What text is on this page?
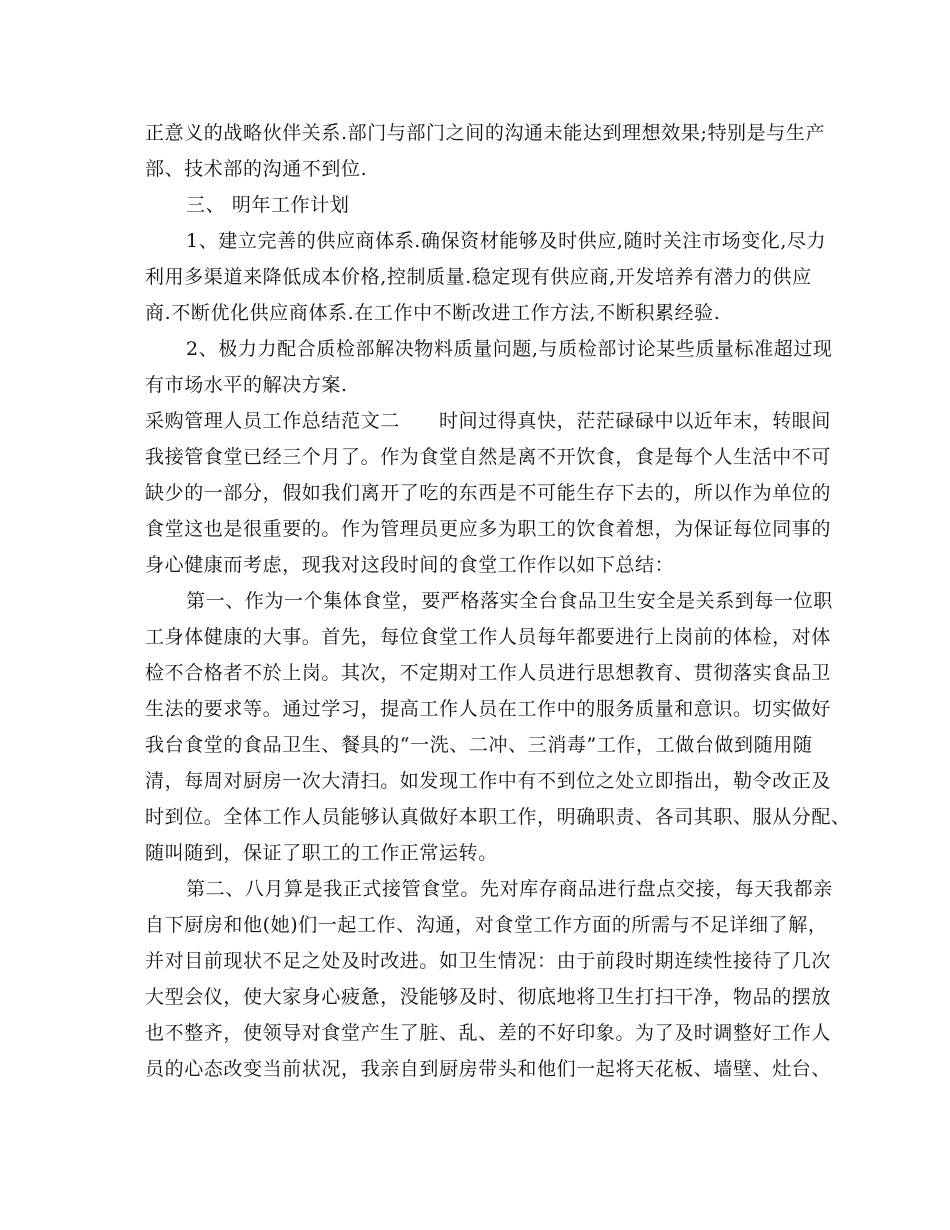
正意义的战略伙伴关系.部门与部门之间的沟通未能达到理想效果;特别是与生产
部、技术部的沟通不到位.
三、 明年工作计划
1、建立完善的供应商体系.确保资材能够及时供应,随时关注市场变化,尽力
利用多渠道来降低成本价格,控制质量.稳定现有供应商,开发培养有潜力的供应
商.不断优化供应商体系.在工作中不断改进工作方法,不断积累经验.
2、极力力配合质检部解决物料质量问题,与质检部讨论某些质量标准超过现
有市场水平的解决方案.
采购管理人员工作总结范文二　　时间过得真快，茫茫碌碌中以近年末，转眼间
我接管食堂已经三个月了。作为食堂自然是离不开饮食，食是每个人生活中不可
缺少的一部分，假如我们离开了吃的东西是不可能生存下去的，所以作为单位的
食堂这也是很重要的。作为管理员更应多为职工的饮食着想，为保证每位同事的
身心健康而考虑，现我对这段时间的食堂工作作以如下总结：
第一、作为一个集体食堂，要严格落实全台食品卫生安全是关系到每一位职
工身体健康的大事。首先，每位食堂工作人员每年都要进行上岗前的体检，对体
检不合格者不於上岗。其次，不定期对工作人员进行思想教育、贯彻落实食品卫
生法的要求等。通过学习，提高工作人员在工作中的服务质量和意识。切实做好
我台食堂的食品卫生、餐具的“一洗、二冲、三消毒”工作，工做台做到随用随
清，每周对厨房一次大清扫。如发现工作中有不到位之处立即指出，勒令改正及
时到位。全体工作人员能够认真做好本职工作，明确职责、各司其职、服从分配、
随叫随到，保证了职工的工作正常运转。
第二、八月算是我正式接管食堂。先对库存商品进行盘点交接，每天我都亲
自下厨房和他(她)们一起工作、沟通，对食堂工作方面的所需与不足详细了解，
并对目前现状不足之处及时改进。如卫生情况：由于前段时期连续性接待了几次
大型会仪，使大家身心疲惫，没能够及时、彻底地将卫生打扫干净，物品的摆放
也不整齐，使领导对食堂产生了脏、乱、差的不好印象。为了及时调整好工作人
员的心态改变当前状况，我亲自到厨房带头和他们一起将天花板、墙壁、灶台、
